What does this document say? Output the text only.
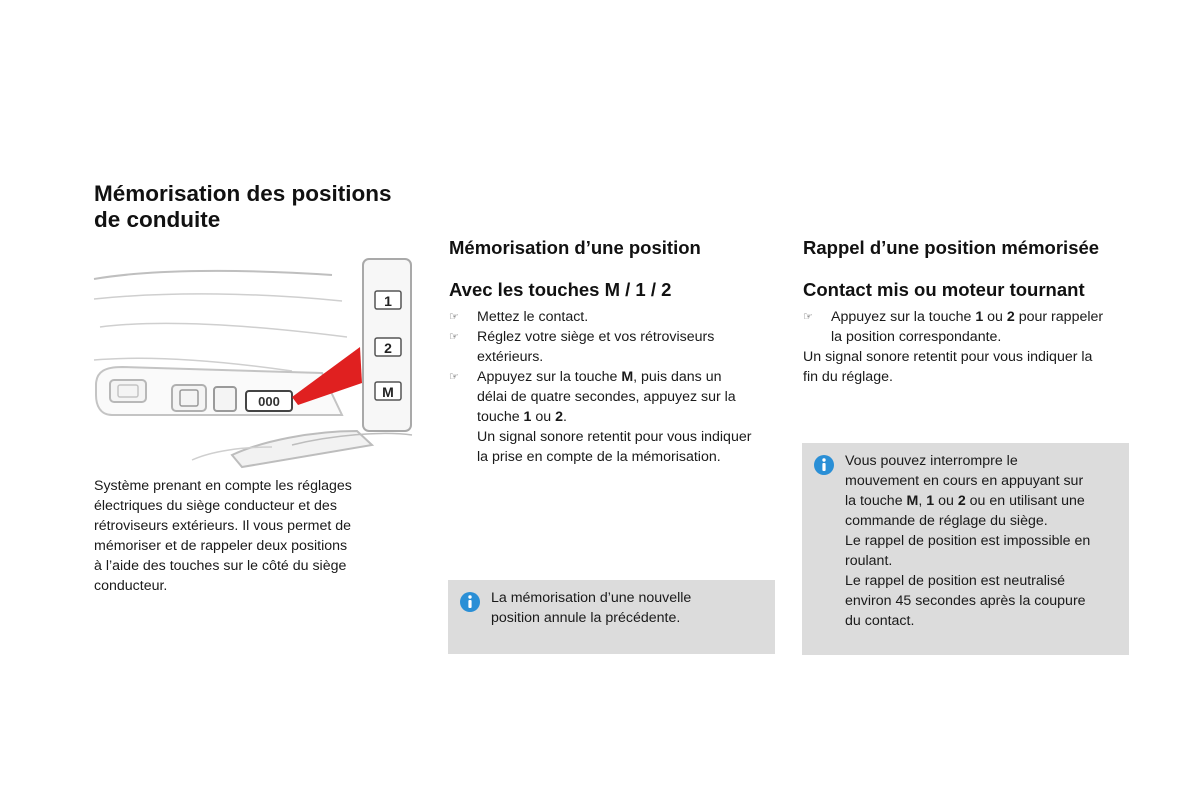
Mémorisation des positions
de conduite
000
1
2
M
Système prenant en compte les réglages
électriques du siège conducteur et des
rétroviseurs extérieurs. Il vous permet de
mémoriser et de rappeler deux positions
à l’aide des touches sur le côté du siège
conducteur.
Mémorisation d’une position
Avec les touches M / 1 / 2
☞ Mettez le contact.
☞ Réglez votre siège et vos rétroviseurs
extérieurs.
☞ Appuyez sur la touche M, puis dans un
délai de quatre secondes, appuyez sur la
touche 1 ou 2.
Un signal sonore retentit pour vous indiquer
la prise en compte de la mémorisation.
La mémorisation d’une nouvelle
position annule la précédente.
Rappel d’une position mémorisée
Contact mis ou moteur tournant
☞ Appuyez sur la touche 1 ou 2 pour rappeler
la position correspondante.
Un signal sonore retentit pour vous indiquer la
fin du réglage.
Vous pouvez interrompre le
mouvement en cours en appuyant sur
la touche M, 1 ou 2 ou en utilisant une
commande de réglage du siège.
Le rappel de position est impossible en
roulant.
Le rappel de position est neutralisé
environ 45 secondes après la coupure
du contact.
